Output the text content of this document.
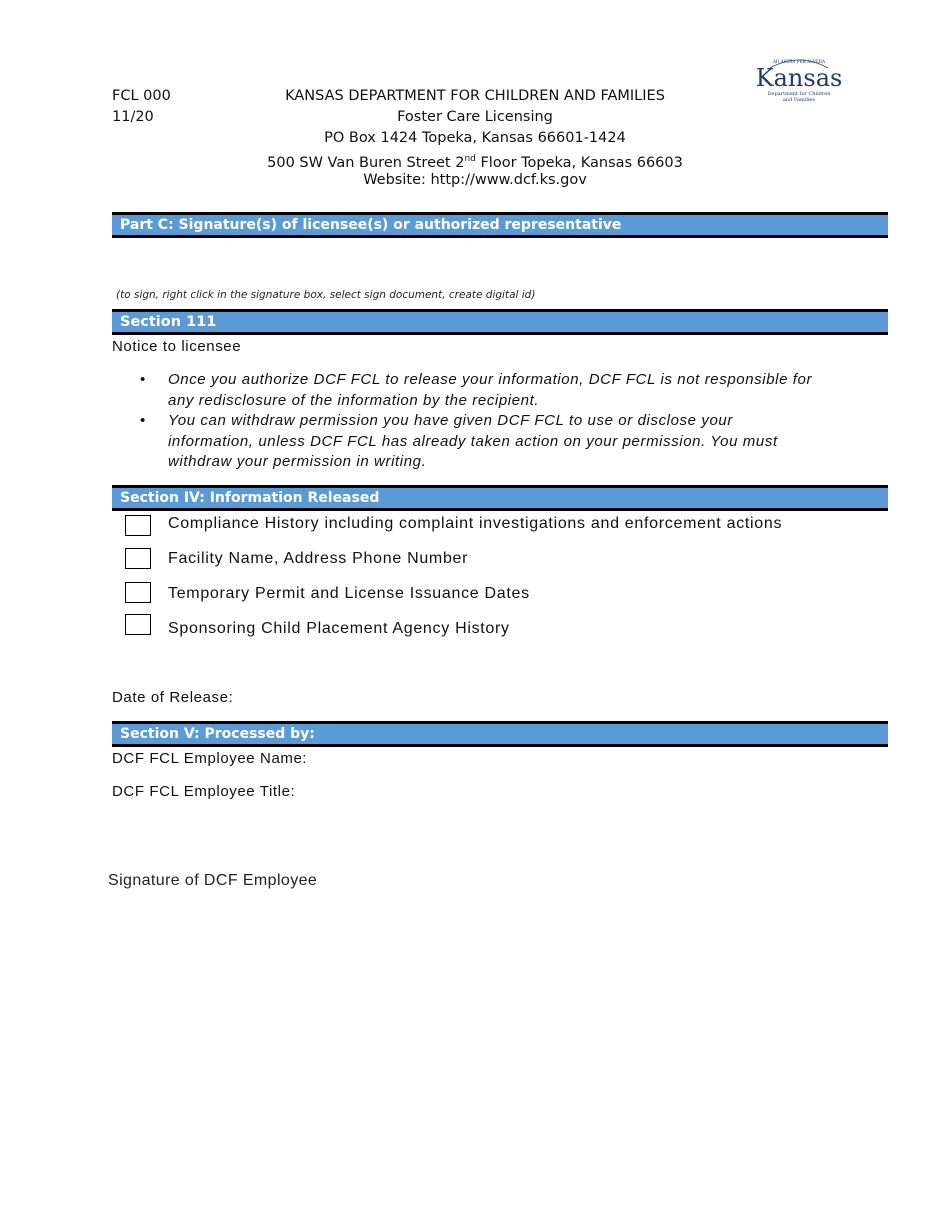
FCL 000
11/20
KANSAS DEPARTMENT FOR CHILDREN AND FAMILIES
Foster Care Licensing
PO Box 1424 Topeka, Kansas 66601-1424
500 SW Van Buren Street 2nd Floor Topeka, Kansas 66603
Website: http://www.dcf.ks.gov
AD ASTRA PER ASPERA
Kansas
Department for Children
and Families
Part C: Signature(s) of licensee(s) or authorized representative
(to sign, right click in the signature box, select sign document, create digital id)
Section 111
Notice to licensee
• Once you authorize DCF FCL to release your information, DCF FCL is not responsible for
any redisclosure of the information by the recipient.
• You can withdraw permission you have given DCF FCL to use or disclose your
information, unless DCF FCL has already taken action on your permission. You must
withdraw your permission in writing.
Section IV: Information Released
Compliance History including complaint investigations and enforcement actions
Facility Name, Address Phone Number
Temporary Permit and License Issuance Dates
Sponsoring Child Placement Agency History
Date of Release:
Section V: Processed by:
DCF FCL Employee Name:
DCF FCL Employee Title:
Signature of DCF Employee
